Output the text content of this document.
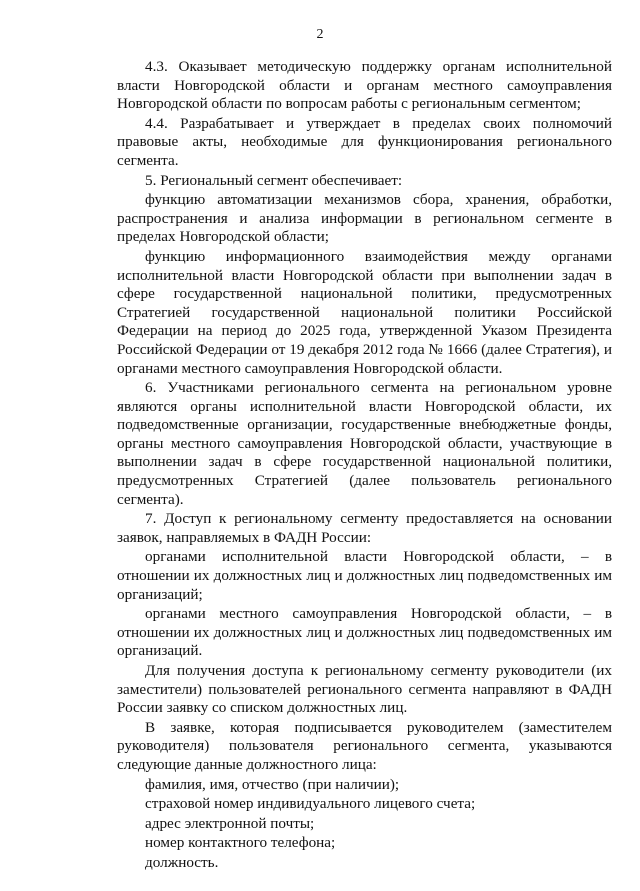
2

4.3. Оказывает методическую поддержку органам исполнительной власти Новгородской области и органам местного самоуправления Новгородской области по вопросам работы с региональным сегментом;

4.4. Разрабатывает и утверждает в пределах своих полномочий правовые акты, необходимые для функционирования регионального сегмента.

5. Региональный сегмент обеспечивает:

функцию автоматизации механизмов сбора, хранения, обработки, распространения и анализа информации в региональном сегменте в пределах Новгородской области;

функцию информационного взаимодействия между органами исполнительной власти Новгородской области при выполнении задач в сфере государственной национальной политики, предусмотренных Стратегией государственной национальной политики Российской Федерации на период до 2025 года, утвержденной Указом Президента Российской Федерации от 19 декабря 2012 года № 1666 (далее Стратегия), и органами местного самоуправления Новгородской области.

6. Участниками регионального сегмента на региональном уровне являются органы исполнительной власти Новгородской области, их подведомственные организации, государственные внебюджетные фонды, органы местного самоуправления Новгородской области, участвующие в выполнении задач в сфере государственной национальной политики, предусмотренных Стратегией (далее пользователь регионального сегмента).

7. Доступ к региональному сегменту предоставляется на основании заявок, направляемых в ФАДН России:

органами исполнительной власти Новгородской области, – в отношении их должностных лиц и должностных лиц подведомственных им организаций;

органами местного самоуправления Новгородской области, – в отношении их должностных лиц и должностных лиц подведомственных им организаций.

Для получения доступа к региональному сегменту руководители (их заместители) пользователей регионального сегмента направляют в ФАДН России заявку со списком должностных лиц.

В заявке, которая подписывается руководителем (заместителем руководителя) пользователя регионального сегмента, указываются следующие данные должностного лица:

фамилия, имя, отчество (при наличии);

страховой номер индивидуального лицевого счета;

адрес электронной почты;

номер контактного телефона;

должность.
